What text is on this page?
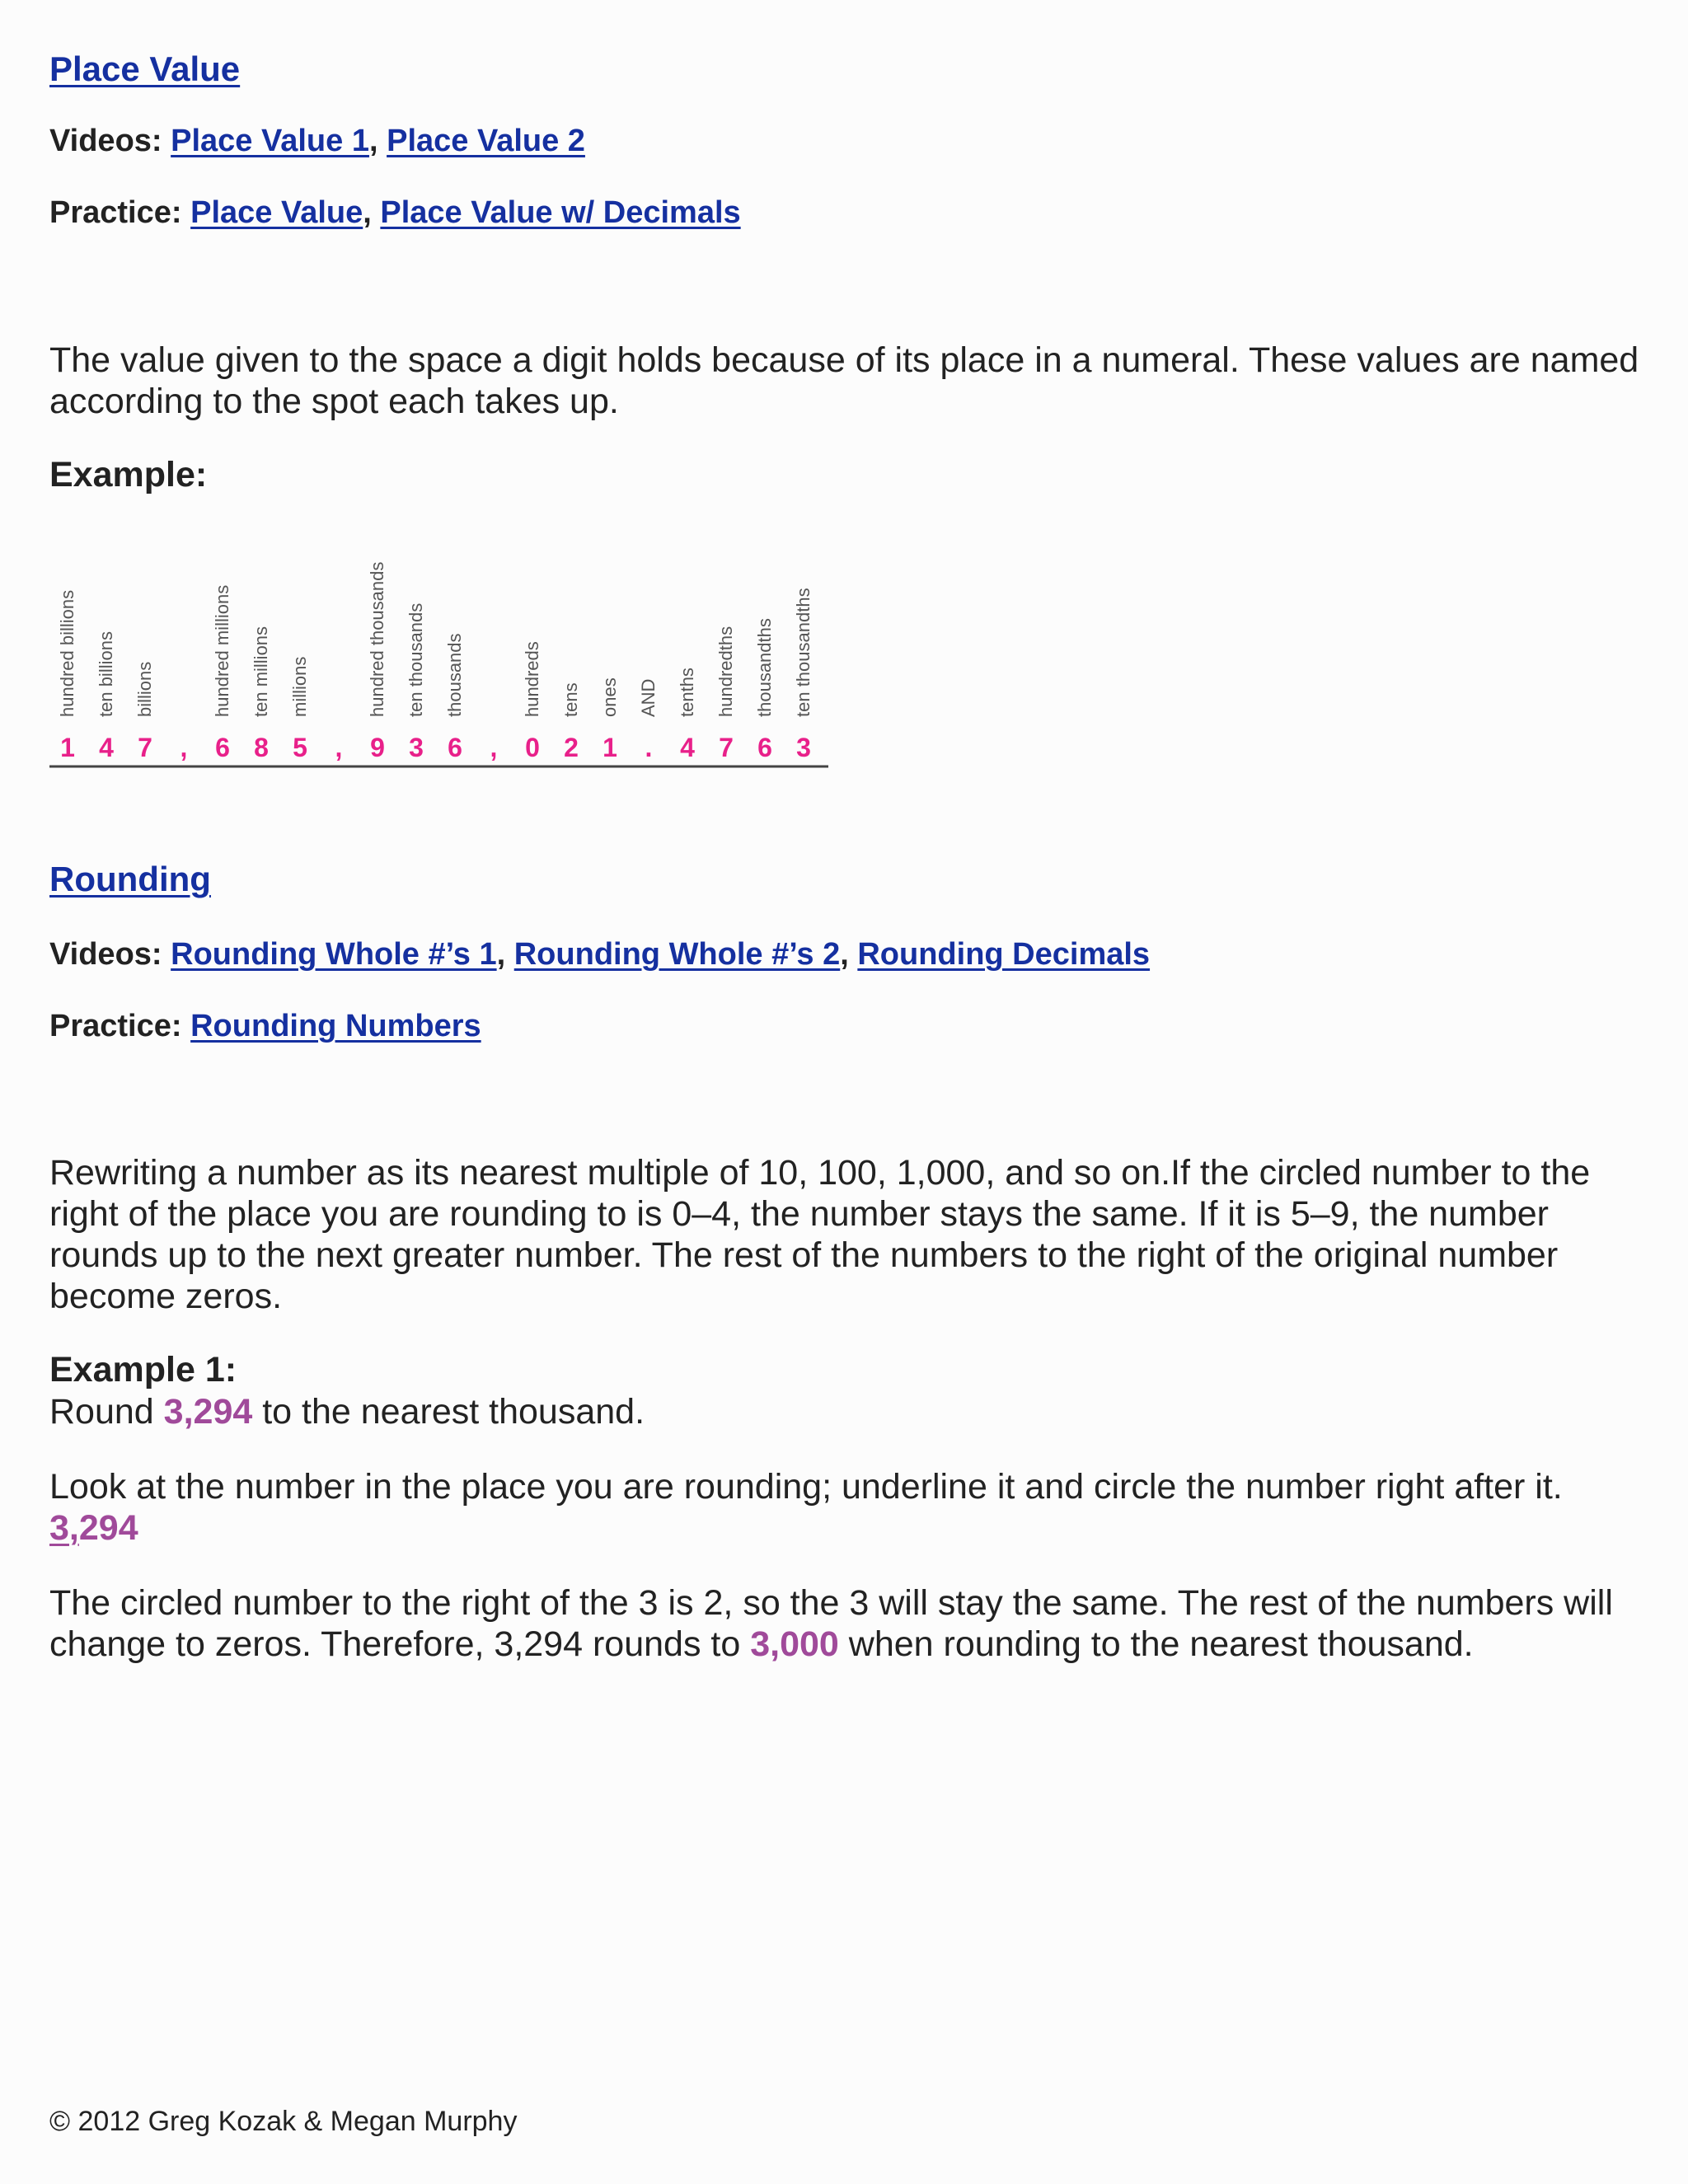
Place Value
Videos: Place Value 1, Place Value 2
Practice: Place Value, Place Value w/ Decimals
The value given to the space a digit holds because of its place in a numeral. These values are named according to the spot each takes up.
Example:
hundred billions
1
ten billions
4
billions
7 ,
hundred millions
6
ten millions
8
millions
5 ,
hundred thousands
9
ten thousands
3
thousands
6 ,
hundreds
0
tens
2
ones
1
AND
.
tenths
4
hundredths
7
thousandths
6
ten thousandths
3
Rounding
Videos: Rounding Whole #’s 1, Rounding Whole #’s 2, Rounding Decimals
Practice: Rounding Numbers
Rewriting a number as its nearest multiple of 10, 100, 1,000, and so on.If the circled number to the right of the place you are rounding to is 0–4, the number stays the same. If it is 5–9, the number rounds up to the next greater number. The rest of the numbers to the right of the original number become zeros.
Example 1:
Round 3,294 to the nearest thousand.
Look at the number in the place you are rounding; underline it and circle the number right after it.
3,294
The circled number to the right of the 3 is 2, so the 3 will stay the same. The rest of the numbers will change to zeros. Therefore, 3,294 rounds to 3,000 when rounding to the nearest thousand.
© 2012 Greg Kozak & Megan Murphy
